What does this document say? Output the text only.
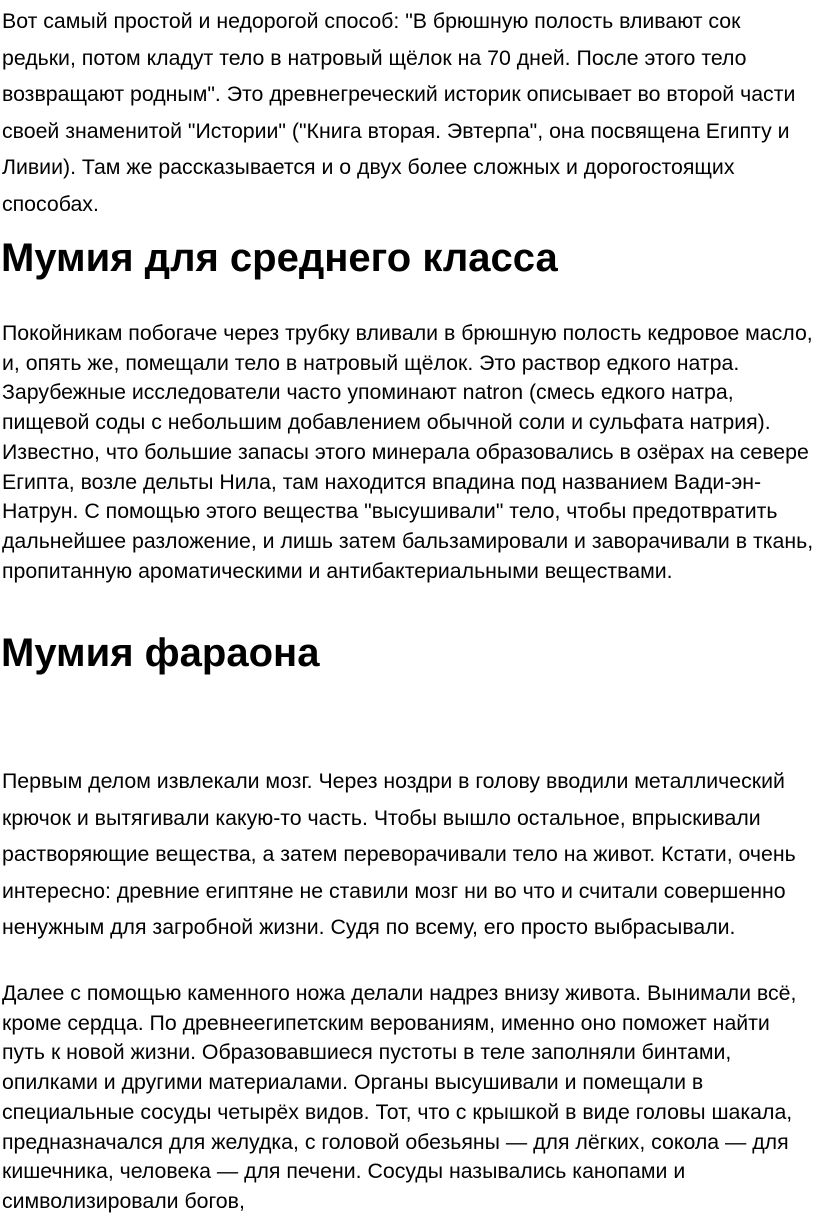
Вот самый простой и недорогой способ: "В брюшную полость вливают сок редьки, потом кладут тело в натровый щёлок на 70 дней. После этого тело возвращают родным". Это древнегреческий историк описывает во второй части своей знаменитой "Истории" ("Книга вторая. Эвтерпа", она посвящена Египту и Ливии). Там же рассказывается и о двух более сложных и дорогостоящих способах.

Мумия для среднего класса

Покойникам побогаче через трубку вливали в брюшную полость кедровое масло, и, опять же, помещали тело в натровый щёлок. Это раствор едкого натра. Зарубежные исследователи часто упоминают natron (смесь едкого натра, пищевой соды с небольшим добавлением обычной соли и сульфата натрия). Известно, что большие запасы этого минерала образовались в озёрах на севере Египта, возле дельты Нила, там находится впадина под названием Вади-эн-Натрун. С помощью этого вещества "высушивали" тело, чтобы предотвратить дальнейшее разложение, и лишь затем бальзамировали и заворачивали в ткань, пропитанную ароматическими и антибактериальными веществами.

Мумия фараона

Первым делом извлекали мозг. Через ноздри в голову вводили металлический крючок и вытягивали какую-то часть. Чтобы вышло остальное, впрыскивали растворяющие вещества, а затем переворачивали тело на живот. Кстати, очень интересно: древние египтяне не ставили мозг ни во что и считали совершенно ненужным для загробной жизни. Судя по всему, его просто выбрасывали.

Далее с помощью каменного ножа делали надрез внизу живота. Вынимали всё, кроме сердца. По древнеегипетским верованиям, именно оно поможет найти путь к новой жизни. Образовавшиеся пустоты в теле заполняли бинтами, опилками и другими материалами. Органы высушивали и помещали в специальные сосуды четырёх видов. Тот, что с крышкой в виде головы шакала, предназначался для желудка, с головой обезьяны — для лёгких, сокола — для кишечника, человека — для печени. Сосуды назывались канопами и символизировали богов,
